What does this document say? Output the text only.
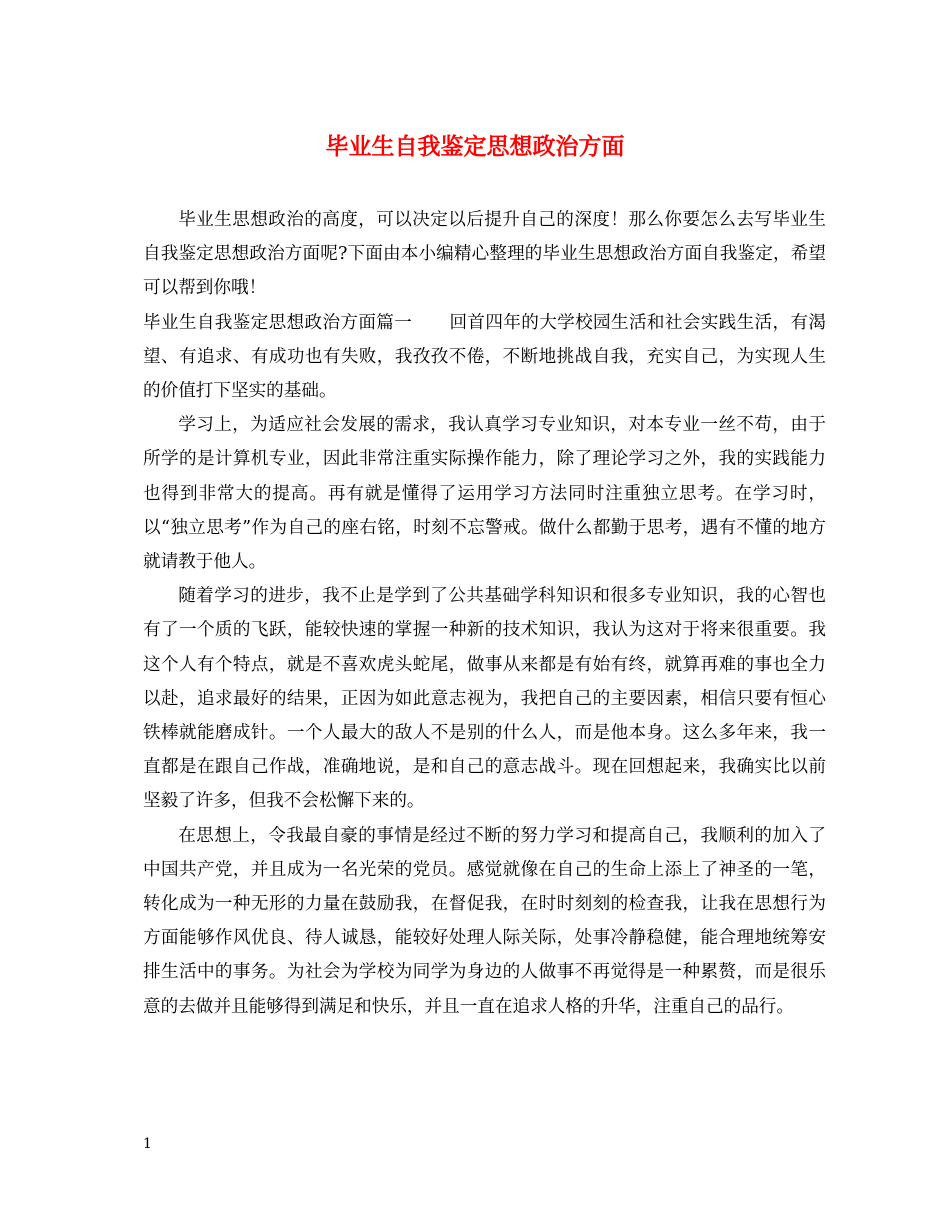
毕业生自我鉴定思想政治方面

毕业生思想政治的高度，可以决定以后提升自己的深度！那么你要怎么去写毕业生自我鉴定思想政治方面呢?下面由本小编精心整理的毕业生思想政治方面自我鉴定，希望可以帮到你哦！

毕业生自我鉴定思想政治方面篇一 回首四年的大学校园生活和社会实践生活，有渴望、有追求、有成功也有失败，我孜孜不倦，不断地挑战自我，充实自己，为实现人生的价值打下坚实的基础。

学习上，为适应社会发展的需求，我认真学习专业知识，对本专业一丝不苟，由于所学的是计算机专业，因此非常注重实际操作能力，除了理论学习之外，我的实践能力也得到非常大的提高。再有就是懂得了运用学习方法同时注重独立思考。在学习时，以“独立思考”作为自己的座右铭，时刻不忘警戒。做什么都勤于思考，遇有不懂的地方就请教于他人。

随着学习的进步，我不止是学到了公共基础学科知识和很多专业知识，我的心智也有了一个质的飞跃，能较快速的掌握一种新的技术知识，我认为这对于将来很重要。我这个人有个特点，就是不喜欢虎头蛇尾，做事从来都是有始有终，就算再难的事也全力以赴，追求最好的结果，正因为如此意志视为，我把自己的主要因素，相信只要有恒心铁棒就能磨成针。一个人最大的敌人不是别的什么人，而是他本身。这么多年来，我一直都是在跟自己作战，准确地说，是和自己的意志战斗。现在回想起来，我确实比以前坚毅了许多，但我不会松懈下来的。

在思想上，令我最自豪的事情是经过不断的努力学习和提高自己，我顺利的加入了中国共产党，并且成为一名光荣的党员。感觉就像在自己的生命上添上了神圣的一笔，转化成为一种无形的力量在鼓励我，在督促我，在时时刻刻的检查我，让我在思想行为方面能够作风优良、待人诚恳，能较好处理人际关际，处事冷静稳健，能合理地统筹安排生活中的事务。为社会为学校为同学为身边的人做事不再觉得是一种累赘，而是很乐意的去做并且能够得到满足和快乐，并且一直在追求人格的升华，注重自己的品行。

1
